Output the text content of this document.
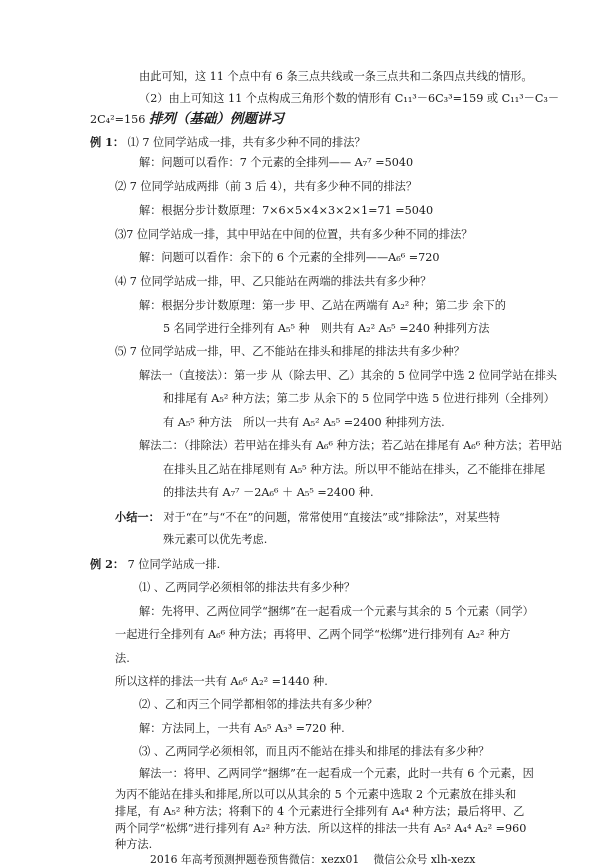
由此可知，这 11 个点中有 6 条三点共线或一条三点共和二条四点共线的情形。
（2）由上可知这 11 个点构成三角形个数的情形有 C₁₁³－6C₃³=159 或 C₁₁³－C₃－
2C₄²=156 排列（基础）例题讲习
例 1： ⑴ 7 位同学站成一排，共有多少种不同的排法？
解：问题可以看作：7 个元素的全排列—— A₇⁷ =5040
⑵ 7 位同学站成两排（前 3 后 4），共有多少种不同的排法？
解：根据分步计数原理：7×6×5×4×3×2×1=71 =5040
⑶7 位同学站成一排，其中甲站在中间的位置，共有多少种不同的排法？
解：问题可以看作：余下的 6 个元素的全排列——A₆⁶ =720
⑷ 7 位同学站成一排，甲、乙只能站在两端的排法共有多少种？
解：根据分步计数原理：第一步 甲、乙站在两端有 A₂² 种；第二步 余下的
5 名同学进行全排列有 A₅⁵ 种　则共有 A₂² A₅⁵ =240 种排列方法
⑸ 7 位同学站成一排，甲、乙不能站在排头和排尾的排法共有多少种？
解法一（直接法）：第一步 从（除去甲、乙）其余的 5 位同学中选 2 位同学站在排头
和排尾有 A₅² 种方法；第二步 从余下的 5 位同学中选 5 位进行排列（全排列）
有 A₅⁵ 种方法　所以一共有 A₅² A₅⁵ =2400 种排列方法.
解法二：（排除法）若甲站在排头有 A₆⁶ 种方法；若乙站在排尾有 A₆⁶ 种方法；若甲站
在排头且乙站在排尾则有 A₅⁵ 种方法。所以甲不能站在排头，乙不能排在排尾
的排法共有 A₇⁷ －2A₆⁶ ＋ A₅⁵ =2400 种.
小结一： 对于“在”与“不在”的问题，常常使用“直接法”或“排除法”，对某些特
殊元素可以优先考虑.
例 2： 7 位同学站成一排.
⑴ 、乙两同学必须相邻的排法共有多少种？
解：先将甲、乙两位同学“捆绑”在一起看成一个元素与其余的 5 个元素（同学）
一起进行全排列有 A₆⁶ 种方法；再将甲、乙两个同学“松绑”进行排列有 A₂² 种方
法.
所以这样的排法一共有 A₆⁶ A₂² =1440 种.
⑵ 、乙和丙三个同学都相邻的排法共有多少种？
解：方法同上，一共有 A₅⁵ A₃³ =720 种.
⑶ 、乙两同学必须相邻，而且丙不能站在排头和排尾的排法有多少种？
解法一：将甲、乙两同学“捆绑”在一起看成一个元素，此时一共有 6 个元素，因
为丙不能站在排头和排尾,所以可以从其余的 5 个元素中选取 2 个元素放在排头和
排尾，有 A₅² 种方法；将剩下的 4 个元素进行全排列有 A₄⁴ 种方法；最后将甲、乙
两个同学“松绑”进行排列有 A₂² 种方法．所以这样的排法一共有 A₅² A₄⁴ A₂² =960
种方法.
2016 年高考预测押题卷预售微信：xezx01　 微信公众号 xlh-xezx
